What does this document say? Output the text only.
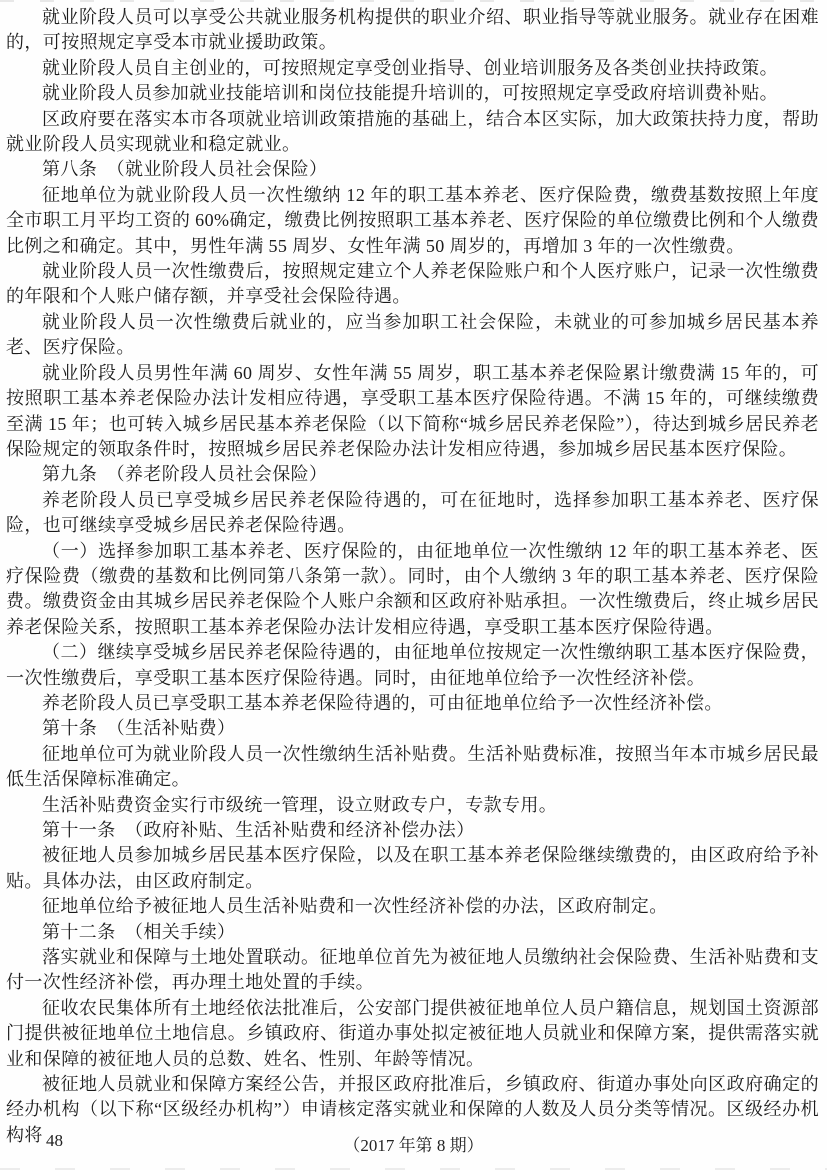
就业阶段人员可以享受公共就业服务机构提供的职业介绍、职业指导等就业服务。就业存在困难的，可按照规定享受本市就业援助政策。

就业阶段人员自主创业的，可按照规定享受创业指导、创业培训服务及各类创业扶持政策。

就业阶段人员参加就业技能培训和岗位技能提升培训的，可按照规定享受政府培训费补贴。

区政府要在落实本市各项就业培训政策措施的基础上，结合本区实际，加大政策扶持力度，帮助就业阶段人员实现就业和稳定就业。

第八条　（就业阶段人员社会保险）

征地单位为就业阶段人员一次性缴纳 12 年的职工基本养老、医疗保险费，缴费基数按照上年度全市职工月平均工资的 60%确定，缴费比例按照职工基本养老、医疗保险的单位缴费比例和个人缴费比例之和确定。其中，男性年满 55 周岁、女性年满 50 周岁的，再增加 3 年的一次性缴费。

就业阶段人员一次性缴费后，按照规定建立个人养老保险账户和个人医疗账户，记录一次性缴费的年限和个人账户储存额，并享受社会保险待遇。

就业阶段人员一次性缴费后就业的，应当参加职工社会保险，未就业的可参加城乡居民基本养老、医疗保险。

就业阶段人员男性年满 60 周岁、女性年满 55 周岁，职工基本养老保险累计缴费满 15 年的，可按照职工基本养老保险办法计发相应待遇，享受职工基本医疗保险待遇。不满 15 年的，可继续缴费至满 15 年；也可转入城乡居民基本养老保险（以下简称“城乡居民养老保险”），待达到城乡居民养老保险规定的领取条件时，按照城乡居民养老保险办法计发相应待遇，参加城乡居民基本医疗保险。

第九条　（养老阶段人员社会保险）

养老阶段人员已享受城乡居民养老保险待遇的，可在征地时，选择参加职工基本养老、医疗保险，也可继续享受城乡居民养老保险待遇。

（一）选择参加职工基本养老、医疗保险的，由征地单位一次性缴纳 12 年的职工基本养老、医疗保险费（缴费的基数和比例同第八条第一款）。同时，由个人缴纳 3 年的职工基本养老、医疗保险费。缴费资金由其城乡居民养老保险个人账户余额和区政府补贴承担。一次性缴费后，终止城乡居民养老保险关系，按照职工基本养老保险办法计发相应待遇，享受职工基本医疗保险待遇。

（二）继续享受城乡居民养老保险待遇的，由征地单位按规定一次性缴纳职工基本医疗保险费，一次性缴费后，享受职工基本医疗保险待遇。同时，由征地单位给予一次性经济补偿。

养老阶段人员已享受职工基本养老保险待遇的，可由征地单位给予一次性经济补偿。

第十条　（生活补贴费）

征地单位可为就业阶段人员一次性缴纳生活补贴费。生活补贴费标准，按照当年本市城乡居民最低生活保障标准确定。

生活补贴费资金实行市级统一管理，设立财政专户，专款专用。

第十一条　（政府补贴、生活补贴费和经济补偿办法）

被征地人员参加城乡居民基本医疗保险，以及在职工基本养老保险继续缴费的，由区政府给予补贴。具体办法，由区政府制定。

征地单位给予被征地人员生活补贴费和一次性经济补偿的办法，区政府制定。

第十二条　（相关手续）

落实就业和保障与土地处置联动。征地单位首先为被征地人员缴纳社会保险费、生活补贴费和支付一次性经济补偿，再办理土地处置的手续。

征收农民集体所有土地经依法批准后，公安部门提供被征地单位人员户籍信息，规划国土资源部门提供被征地单位土地信息。乡镇政府、街道办事处拟定被征地人员就业和保障方案，提供需落实就业和保障的被征地人员的总数、姓名、性别、年龄等情况。

被征地人员就业和保障方案经公告，并报区政府批准后，乡镇政府、街道办事处向区政府确定的经办机构（以下称“区级经办机构”）申请核定落实就业和保障的人数及人员分类等情况。区级经办机构将 48	（2017 年第 8 期）
